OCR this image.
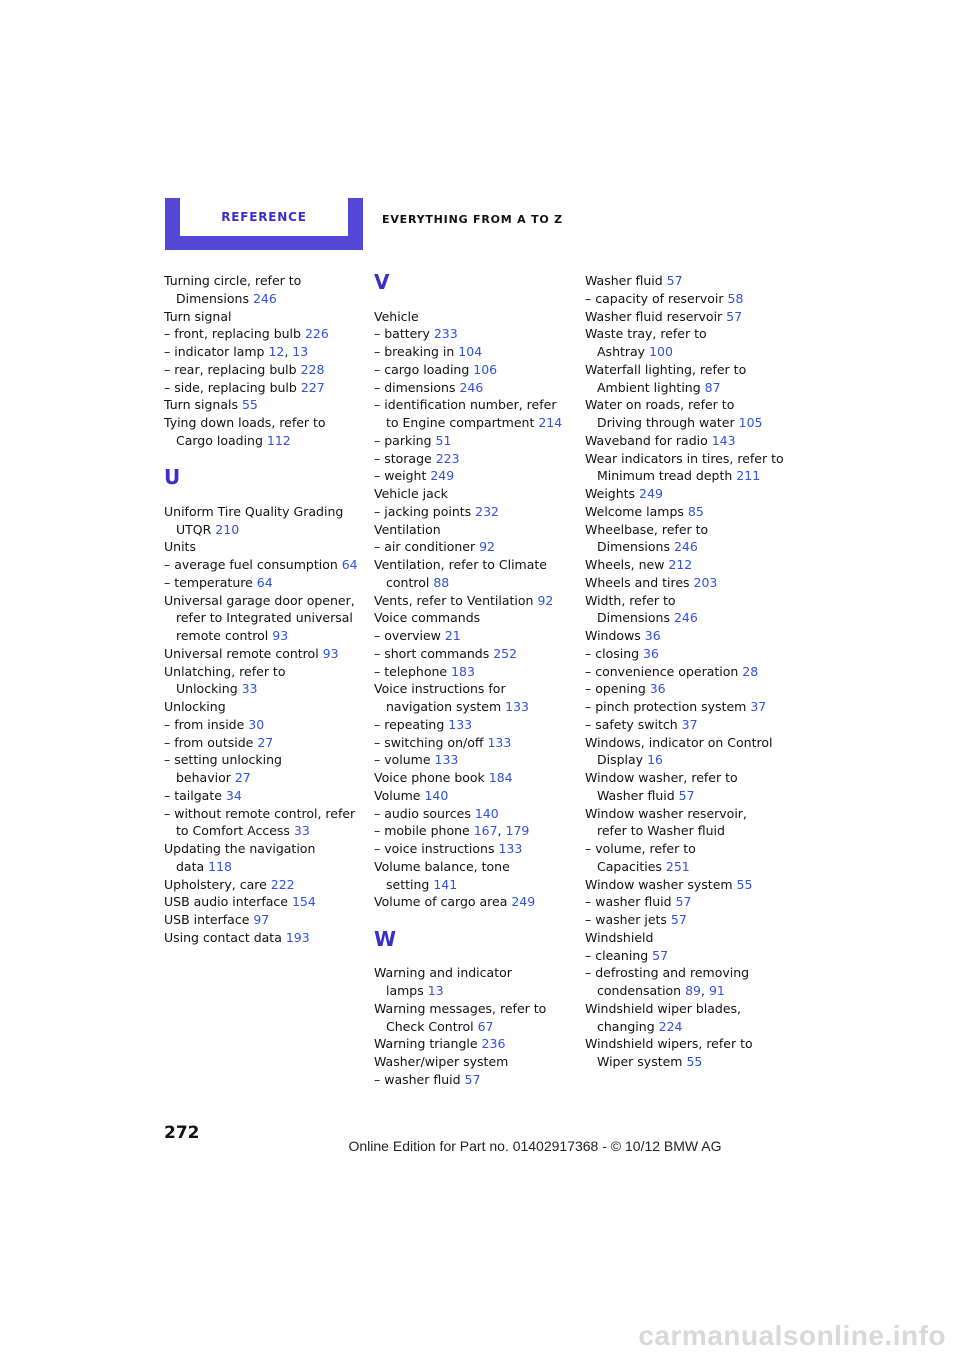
REFERENCE	EVERYTHING FROM A TO Z
Turning circle, refer to
Dimensions 246
Turn signal
– front, replacing bulb 226
– indicator lamp 12, 13
– rear, replacing bulb 228
– side, replacing bulb 227
Turn signals 55
Tying down loads, refer to
Cargo loading 112
U
Uniform Tire Quality Grading
UTQR 210
Units
– average fuel consumption 64
– temperature 64
Universal garage door opener,
refer to Integrated universal
remote control 93
Universal remote control 93
Unlatching, refer to
Unlocking 33
Unlocking
– from inside 30
– from outside 27
– setting unlocking
behavior 27
– tailgate 34
– without remote control, refer
to Comfort Access 33
Updating the navigation
data 118
Upholstery, care 222
USB audio interface 154
USB interface 97
Using contact data 193
V
Vehicle
– battery 233
– breaking in 104
– cargo loading 106
– dimensions 246
– identification number, refer
to Engine compartment 214
– parking 51
– storage 223
– weight 249
Vehicle jack
– jacking points 232
Ventilation
– air conditioner 92
Ventilation, refer to Climate
control 88
Vents, refer to Ventilation 92
Voice commands
– overview 21
– short commands 252
– telephone 183
Voice instructions for
navigation system 133
– repeating 133
– switching on/off 133
– volume 133
Voice phone book 184
Volume 140
– audio sources 140
– mobile phone 167, 179
– voice instructions 133
Volume balance, tone
setting 141
Volume of cargo area 249
W
Warning and indicator
lamps 13
Warning messages, refer to
Check Control 67
Warning triangle 236
Washer/wiper system
– washer fluid 57
Washer fluid 57
– capacity of reservoir 58
Washer fluid reservoir 57
Waste tray, refer to
Ashtray 100
Waterfall lighting, refer to
Ambient lighting 87
Water on roads, refer to
Driving through water 105
Waveband for radio 143
Wear indicators in tires, refer to
Minimum tread depth 211
Weights 249
Welcome lamps 85
Wheelbase, refer to
Dimensions 246
Wheels, new 212
Wheels and tires 203
Width, refer to
Dimensions 246
Windows 36
– closing 36
– convenience operation 28
– opening 36
– pinch protection system 37
– safety switch 37
Windows, indicator on Control
Display 16
Window washer, refer to
Washer fluid 57
Window washer reservoir,
refer to Washer fluid
– volume, refer to
Capacities 251
Window washer system 55
– washer fluid 57
– washer jets 57
Windshield
– cleaning 57
– defrosting and removing
condensation 89, 91
Windshield wiper blades,
changing 224
Windshield wipers, refer to
Wiper system 55
272
Online Edition for Part no. 01402917368 - © 10/12 BMW AG
carmanualsonline.info
